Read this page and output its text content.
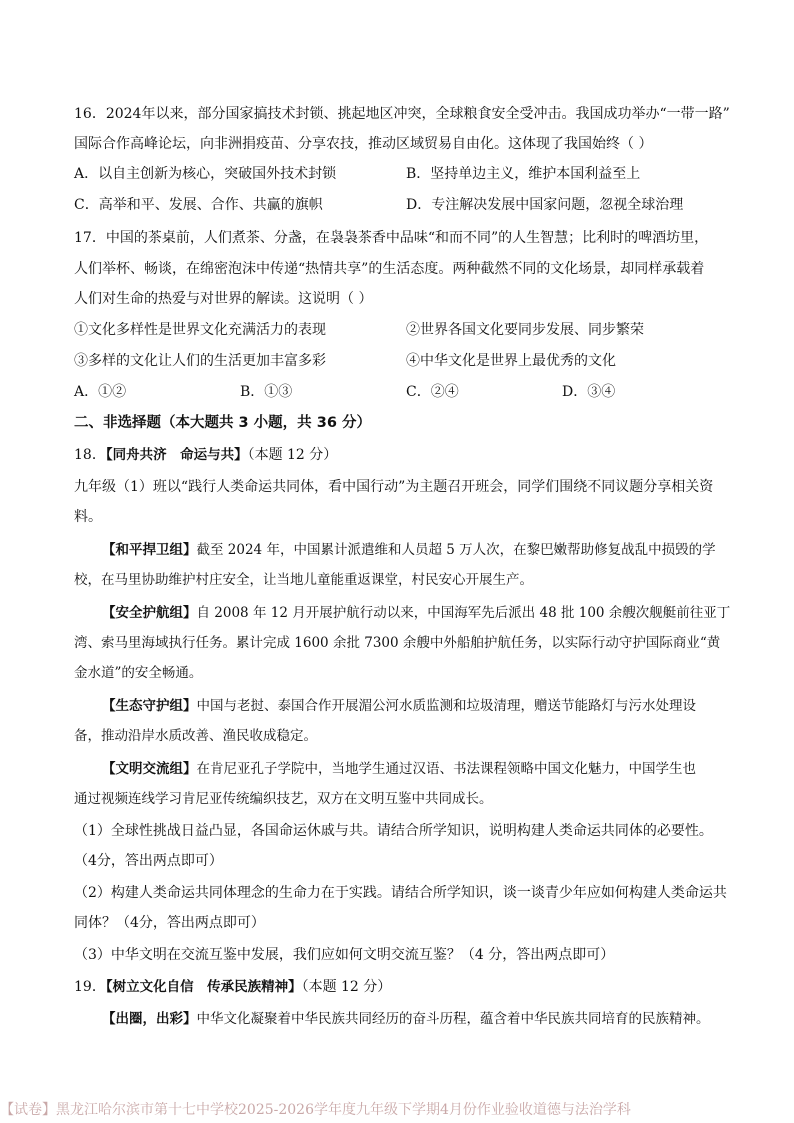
16．2024年以来，部分国家搞技术封锁、挑起地区冲突，全球粮食安全受冲击。我国成功举办“一带一路”
国际合作高峰论坛，向非洲捐疫苗、分享农技，推动区域贸易自由化。这体现了我国始终（ ）
A．以自主创新为核心，突破国外技术封锁	B．坚持单边主义，维护本国利益至上
C．高举和平、发展、合作、共赢的旗帜	D．专注解决发展中国家问题，忽视全球治理
17．中国的茶桌前，人们煮茶、分盏，在袅袅茶香中品味“和而不同”的人生智慧；比利时的啤酒坊里，
人们举杯、畅谈，在绵密泡沫中传递“热情共享”的生活态度。两种截然不同的文化场景，却同样承载着
人们对生命的热爱与对世界的解读。这说明（ ）
①文化多样性是世界文化充满活力的表现	②世界各国文化要同步发展、同步繁荣
③多样的文化让人们的生活更加丰富多彩	④中华文化是世界上最优秀的文化
A．①②	B．①③	C．②④	D．③④
二、非选择题（本大题共 3 小题，共 36 分）
18．【同舟共济　命运与共】（本题 12 分）
九年级（1）班以“践行人类命运共同体，看中国行动”为主题召开班会，同学们围绕不同议题分享相关资
料。
【和平捍卫组】截至 2024 年，中国累计派遣维和人员超 5 万人次，在黎巴嫩帮助修复战乱中损毁的学
校，在马里协助维护村庄安全，让当地儿童能重返课堂，村民安心开展生产。
【安全护航组】自 2008 年 12 月开展护航行动以来，中国海军先后派出 48 批 100 余艘次舰艇前往亚丁
湾、索马里海域执行任务。累计完成 1600 余批 7300 余艘中外船舶护航任务，以实际行动守护国际商业“黄
金水道”的安全畅通。
【生态守护组】中国与老挝、泰国合作开展湄公河水质监测和垃圾清理，赠送节能路灯与污水处理设
备，推动沿岸水质改善、渔民收成稳定。
【文明交流组】在肯尼亚孔子学院中，当地学生通过汉语、书法课程领略中国文化魅力，中国学生也
通过视频连线学习肯尼亚传统编织技艺，双方在文明互鉴中共同成长。
（1）全球性挑战日益凸显，各国命运休戚与共。请结合所学知识，说明构建人类命运共同体的必要性。
（4分，答出两点即可）
（2）构建人类命运共同体理念的生命力在于实践。请结合所学知识，谈一谈青少年应如何构建人类命运共
同体？（4分，答出两点即可）
（3）中华文明在交流互鉴中发展，我们应如何文明交流互鉴？（4 分，答出两点即可）
19．【树立文化自信　传承民族精神】（本题 12 分）
【出圈，出彩】中华文化凝聚着中华民族共同经历的奋斗历程，蕴含着中华民族共同培育的民族精神。
【试卷】黑龙江哈尔滨市第十七中学校2025-2026学年度九年级下学期4月份作业验收道德与法治学科
